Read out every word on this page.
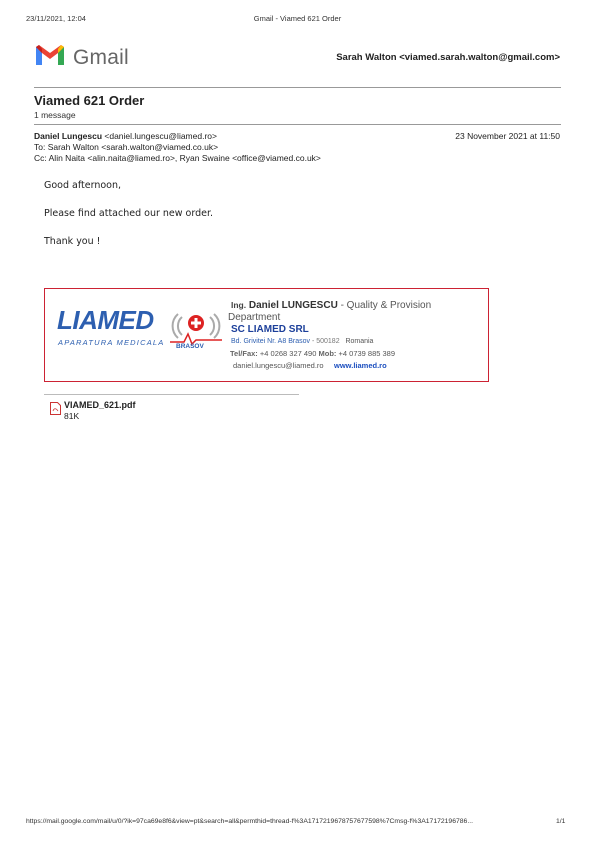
23/11/2021, 12:04	Gmail - Viamed 621 Order
Gmail	Sarah Walton <viamed.sarah.walton@gmail.com>
Viamed 621 Order
1 message
Daniel Lungescu <daniel.lungescu@liamed.ro>	23 November 2021 at 11:50
To: Sarah Walton <sarah.walton@viamed.co.uk>
Cc: Alin Naita <alin.naita@liamed.ro>, Ryan Swaine <office@viamed.co.uk>
Good afternoon,
Please find attached our new order.
Thank you !
LIAMED
APARATURA MEDICALA BRASOV
Ing. Daniel LUNGESCU - Quality & Provision
Department
SC LIAMED SRL
Bd. Grivitei Nr. A8 Brasov - 500182 Romania
Tel/Fax: +4 0268 327 490 Mob: +4 0739 885 389
daniel.lungescu@liamed.ro www.liamed.ro
VIAMED_621.pdf
81K
https://mail.google.com/mail/u/0/?ik=97ca69e8f6&view=pt&search=all&permthid=thread-f%3A1717219678757677598%7Cmsg-f%3A17172196786...	1/1
